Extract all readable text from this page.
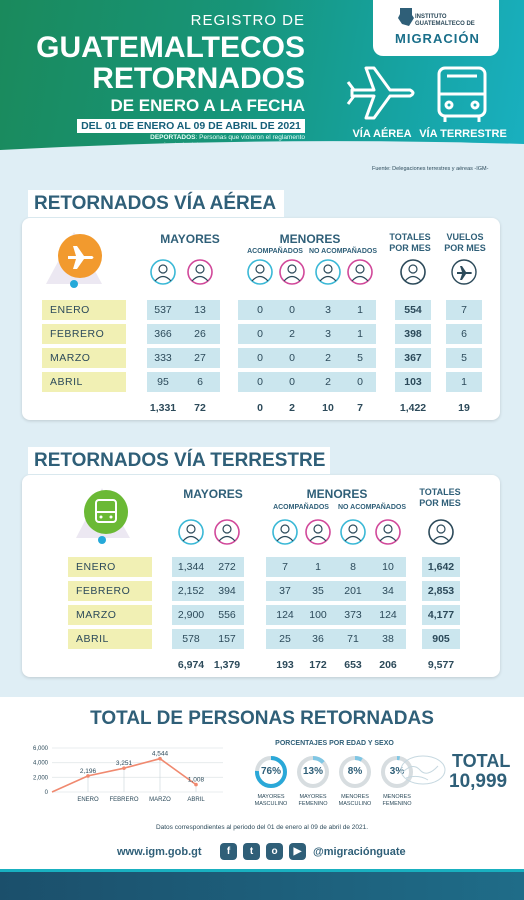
REGISTRO DE
GUATEMALTECOS
RETORNADOS
DE ENERO A LA FECHA
DEL 01 DE ENERO AL 09 DE ABRIL DE 2021
DEPORTADOS: Personas que violaron el reglamento
INSTITUTO
GUATEMALTECO DE
MIGRACIÓN
VÍA AÉREA VÍA TERRESTRE
Fuente: Delegaciones terrestres y aéreas -IGM-
RETORNADOS VÍA AÉREA
MAYORES	MENORES
ACOMPAÑADOS NO ACOMPAÑADOS
TOTALES
POR MES
VUELOS
POR MES
ENERO	537	13	0	0	3	1	554	7
FEBRERO	366	26	0	2	3	1	398	6
MARZO	333	27	0	0	2	5	367	5
ABRIL	95	6	0	0	2	0	103	1
1,331	72	0	2	10	7	1,422	19
RETORNADOS VÍA TERRESTRE
MAYORES	MENORES
ACOMPAÑADOS	NO ACOMPAÑADOS
TOTALES
POR MES
ENERO	1,344	272	7	1	8	10	1,642
FEBRERO	2,152	394	37	35	201	34	2,853
MARZO	2,900	556	124	100	373	124	4,177
ABRIL	578	157	25	36	71	38	905
6,974 1,379	193	172	653	206	9,577
TOTAL DE PERSONAS RETORNADAS
0
2,000
4,000
6,000
2,196
ENERO
3,251
FEBRERO
4,544
MARZO
1,008
ABRIL
PORCENTAJES POR EDAD Y SEXO
76%
MAYORES
MASCULINO
13%
MAYORES
FEMENINO
8%
MENORES
MASCULINO
3%
MENORES
FEMENINO
TOTAL
10,999
Datos correspondientes al periodo del 01 de enero al 09 de abril de 2021.
www.igm.gob.gt	f	t	o	▶	@migraciónguate
